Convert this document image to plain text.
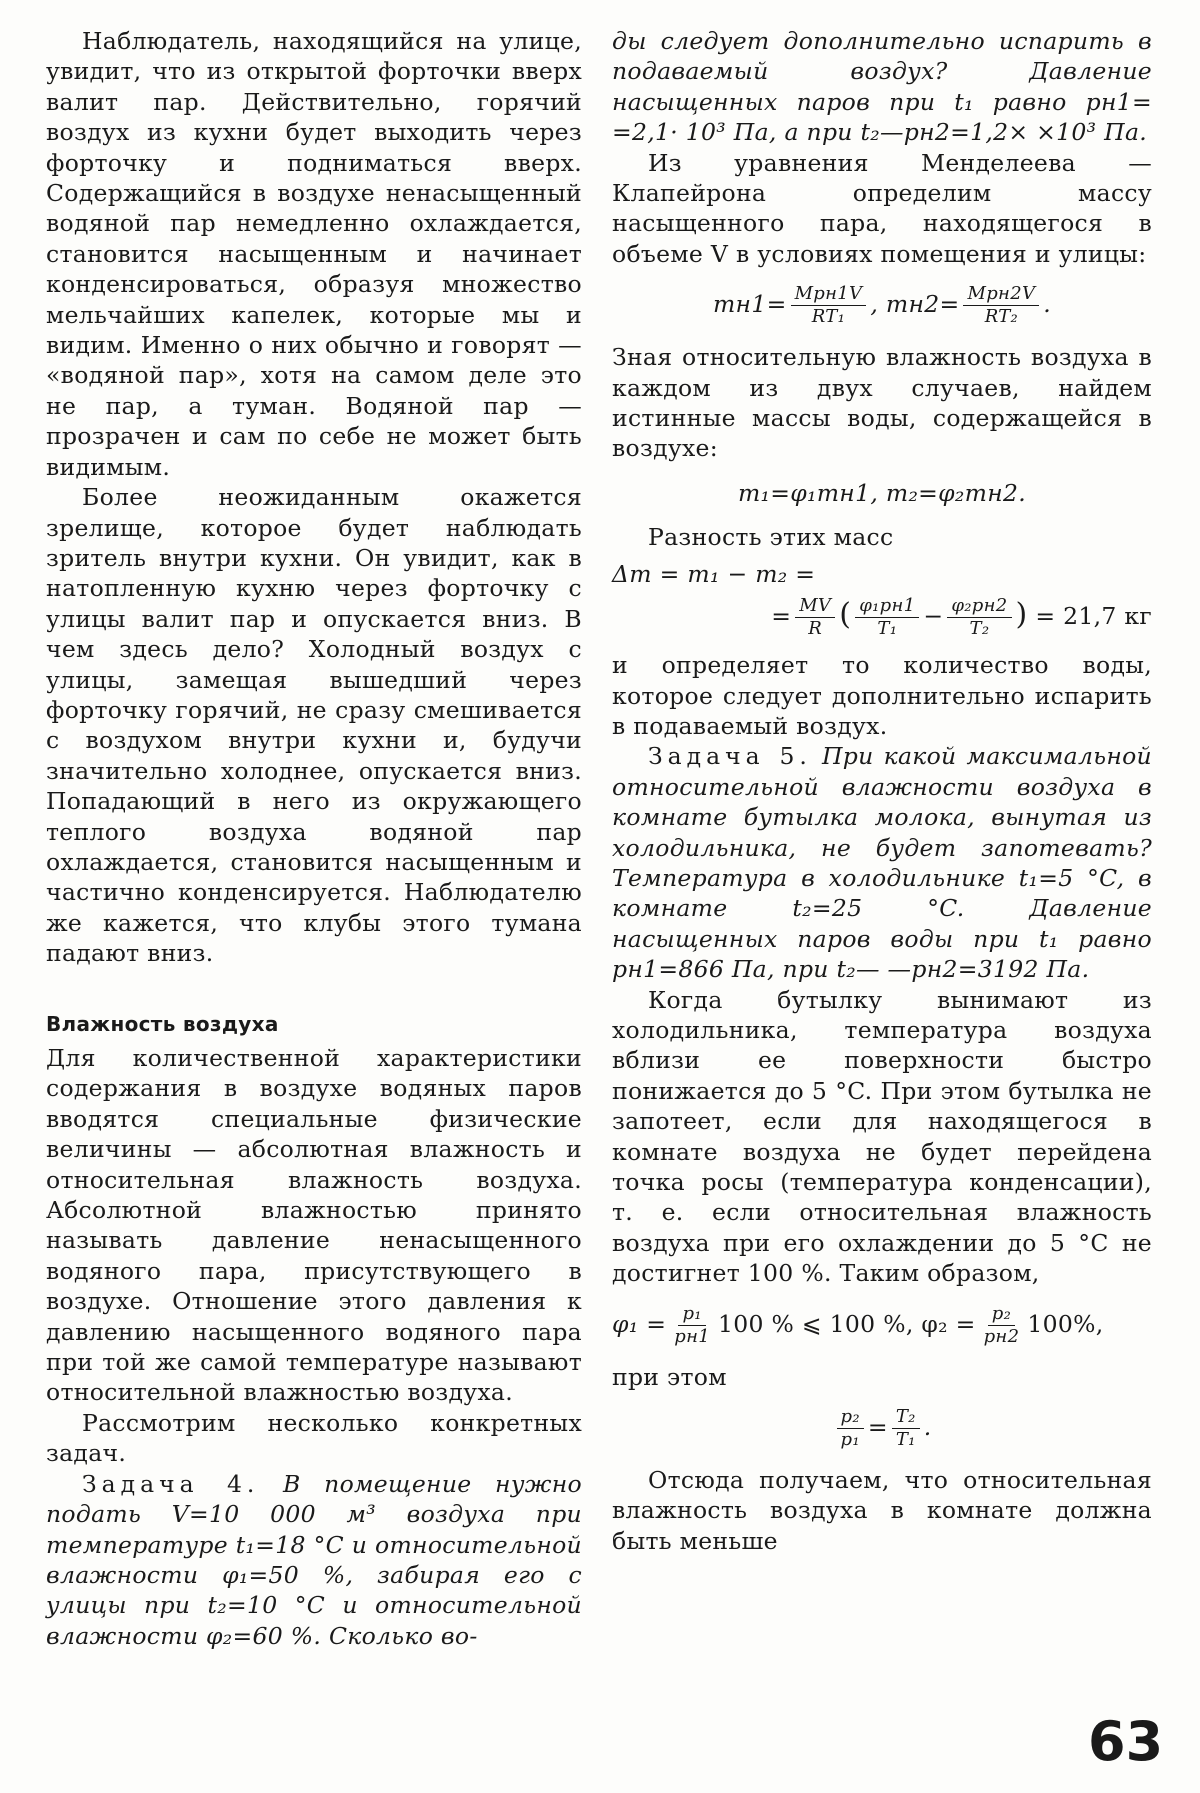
Наблюдатель, находящийся на улице, увидит, что из открытой форточки вверх валит пар. Действительно, горячий воздух из кухни будет выходить через форточку и подниматься вверх. Содержащийся в воздухе ненасыщенный водяной пар немедленно охлаждается, становится насыщенным и начинает конденсироваться, образуя множество мельчайших капелек, которые мы и видим. Именно о них обычно и говорят — «водяной пар», хотя на самом деле это не пар, а туман. Водяной пар — прозрачен и сам по себе не может быть видимым.

Более неожиданным окажется зрелище, которое будет наблюдать зритель внутри кухни. Он увидит, как в натопленную кухню через форточку с улицы валит пар и опускается вниз. В чем здесь дело? Холодный воздух с улицы, замещая вышедший через форточку горячий, не сразу смешивается с воздухом внутри кухни и, будучи значительно холоднее, опускается вниз. Попадающий в него из окружающего теплого воздуха водяной пар охлаждается, становится насыщенным и частично конденсируется. Наблюдателю же кажется, что клубы этого тумана падают вниз.

Влажность воздуха

Для количественной характеристики содержания в воздухе водяных паров вводятся специальные физические величины — абсолютная влажность и относительная влажность воздуха. Абсолютной влажностью принято называть давление ненасыщенного водяного пара, присутствующего в воздухе. Отношение этого давления к давлению насыщенного водяного пара при той же самой температуре называют относительной влажностью воздуха.

Рассмотрим несколько конкретных задач.

Задача 4. В помещение нужно подать V=10 000 м³ воздуха при температуре t₁=18 °C и относительной влажности φ₁=50 %, забирая его с улицы при t₂=10 °C и относительной влажности φ₂=60 %. Сколько во-

ды следует дополнительно испарить в подаваемый воздух? Давление насыщенных паров при t₁ равно pн1= =2,1· 10³ Па, а при t₂—pн2=1,2× ×10³ Па.

Из уравнения Менделеева — Клапейрона определим массу насыщенного пара, находящегося в объеме V в условиях помещения и улицы:

$mн1= \frac{\text{Mpн1V}}{\text{RT₁}}$ , $mн2= \frac{\text{Mpн2V}}{\text{RT₂}}$ .

Зная относительную влажность воздуха в каждом из двух случаев, найдем истинные массы воды, содержащейся в воздухе:

m₁=φ₁mн1, m₂=φ₂mн2.

Разность этих масс

Δm = m₁ − m₂ =

= $\frac{MV}{R}$ ( $\frac{\text{φ₁pн1}}{\text{T₁}} - \frac{\text{φ₂pн2}}{\text{T₂}}$ ) = 21,7 кг

и определяет то количество воды, которое следует дополнительно испарить в подаваемый воздух.

Задача 5. При какой максимальной относительной влажности воздуха в комнате бутылка молока, вынутая из холодильника, не будет запотевать? Температура в холодильнике t₁=5 °C, в комнате t₂=25 °C. Давление насыщенных паров воды при t₁ равно pн1=866 Па, при t₂— —pн2=3192 Па.

Когда бутылку вынимают из холодильника, температура воздуха вблизи ее поверхности быстро понижается до 5 °C. При этом бутылка не запотеет, если для находящегося в комнате воздуха не будет перейдена точка росы (температура конденсации), т. е. если относительная влажность воздуха при его охлаждении до 5 °C не достигнет 100 %. Таким образом,

$\varphi_1 = \frac{\text{p₁}}{pн1} 100$ % ⩽ 100 %, $\varphi_2 = \frac{\text{p₂}}{pн2} 100\%$,

при этом

$\frac{\text{p₂}}{\text{p₁}} = \frac{\text{T₂}}{\text{T₁}}$ .

Отсюда получаем, что относительная влажность воздуха в комнате должна быть меньше

63
